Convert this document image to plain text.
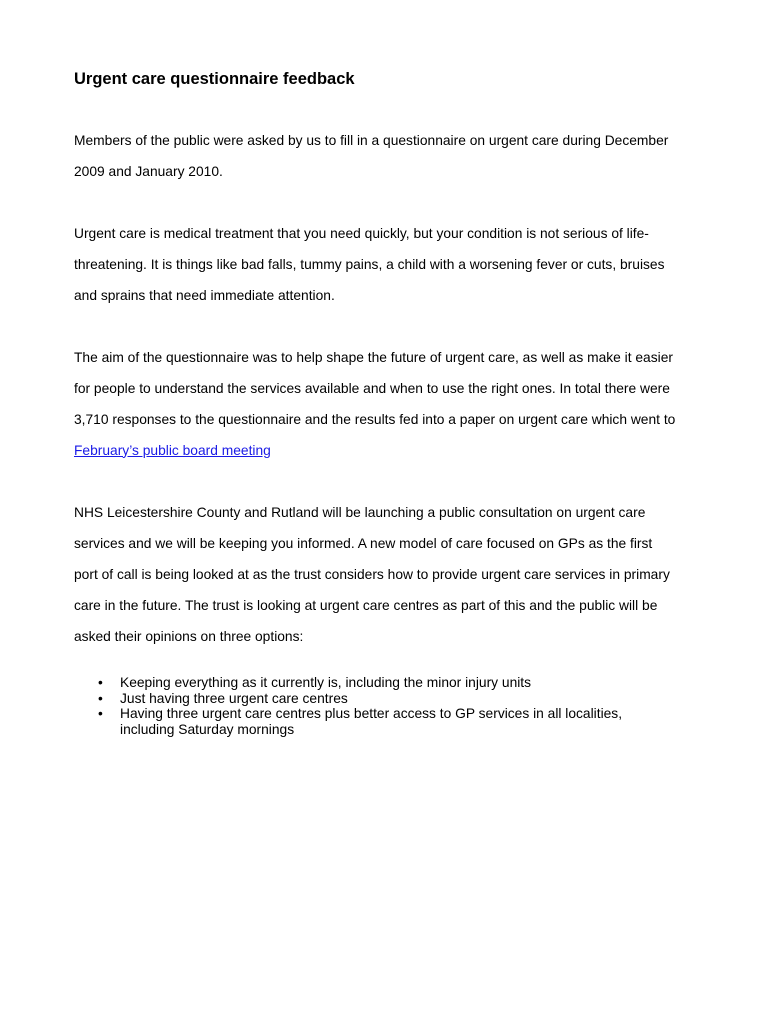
Urgent care questionnaire feedback

Members of the public were asked by us to fill in a questionnaire on urgent care during December

2009 and January 2010.

Urgent care is medical treatment that you need quickly, but your condition is not serious of life-

threatening. It is things like bad falls, tummy pains, a child with a worsening fever or cuts, bruises

and sprains that need immediate attention.

The aim of the questionnaire was to help shape the future of urgent care, as well as make it easier

for people to understand the services available and when to use the right ones. In total there were

3,710 responses to the questionnaire and the results fed into a paper on urgent care which went to

February’s public board meeting

NHS Leicestershire County and Rutland will be launching a public consultation on urgent care

services and we will be keeping you informed. A new model of care focused on GPs as the first

port of call is being looked at as the trust considers how to provide urgent care services in primary

care in the future. The trust is looking at urgent care centres as part of this and the public will be

asked their opinions on three options:

• Keeping everything as it currently is, including the minor injury units
• Just having three urgent care centres
• Having three urgent care centres plus better access to GP services in all localities,
including Saturday mornings
